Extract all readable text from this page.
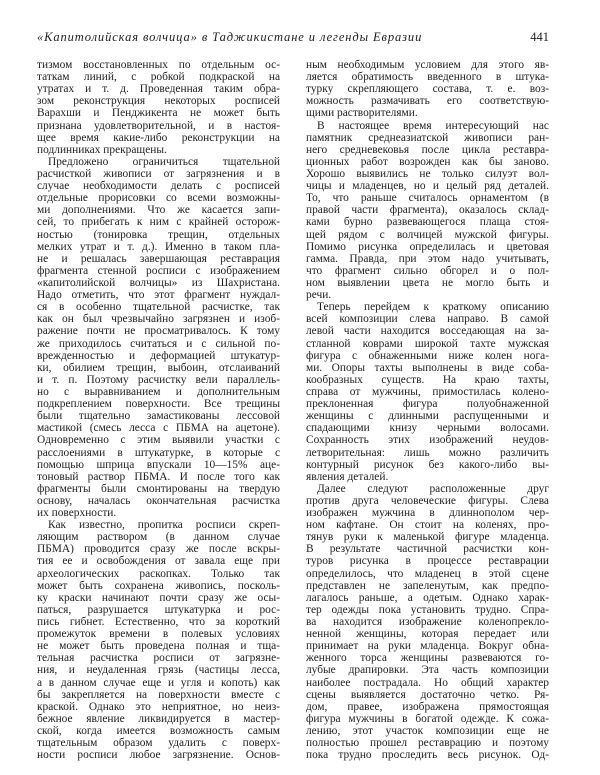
«Капитолийская волчица» в Таджикистане и легенды Евразии	441
тизмом восстановленных по отдельным ос-
таткам линий, с робкой подкраской на
утратах и т. д. Проведенная таким обра-
зом реконструкция некоторых росписей
Варахши и Пенджикента не может быть
признана удовлетворительной, и в настоя-
щее время какие-либо реконструкции на
подлинниках прекращены.
Предложено ограничиться тщательной
расчисткой живописи от загрязнения и в
случае необходимости делать с росписей
отдельные прорисовки со всеми возможны-
ми дополнениями. Что же касается запи-
сей, то прибегать к ним с крайней осторож-
ностью (тонировка трещин, отдельных
мелких утрат и т. д.). Именно в таком пла-
не и решалась завершающая реставрация
фрагмента стенной росписи с изображением
«капитолийской волчицы» из Шахристана.
Надо отметить, что этот фрагмент нуждал-
ся в особенно тщательной расчистке, так
как он был чрезвычайно загрязнен и изоб-
ражение почти не просматривалось. К тому
же приходилось считаться и с сильной по-
врежденностью и деформацией штукатур-
ки, обилием трещин, выбоин, отслаиваний
и т. п. Поэтому расчистку вели параллель-
но с выравниванием и дополнительным
подкреплением поверхности. Все трещины
были тщательно замастикованы лессовой
мастикой (смесь лесса с ПБМА на ацетоне).
Одновременно с этим выявили участки с
расслоениями в штукатурке, в которые с
помощью шприца впускали 10—15% аце-
тоновый раствор ПБМА. И после того как
фрагменты были смонтированы на твердую
основу, началась окончательная расчистка
их поверхности.
Как известно, пропитка росписи скреп-
ляющим раствором (в данном случае
ПБМА) проводится сразу же после вскры-
тия ее и освобождения от завала еще при
археологических раскопках. Только так
может быть сохранена живопись, посколь-
ку краски начинают почти сразу же осы-
паться, разрушается штукатурка и рос-
пись гибнет. Естественно, что за короткий
промежуток времени в полевых условиях
не может быть проведена полная и тща-
тельная расчистка росписи от загрязне-
ния, и неудаленная грязь (частицы лесса,
а в данном случае еще и угля и копоть) как
бы закрепляется на поверхности вместе с
краской. Однако это неприятное, но неиз-
бежное явление ликвидируется в мастер-
ской, когда имеется возможность самым
тщательным образом удалить с поверх-
ности росписи любое загрязнение. Основ-
ным необходимым условием для этого яв-
ляется обратимость введенного в штука-
турку скрепляющего состава, т. е. воз-
можность размачивать его соответствую-
щими растворителями.
В настоящее время интересующий нас
памятник среднеазиатской живописи ран-
него средневековья после цикла реставра-
ционных работ возрожден как бы заново.
Хорошо выявились не только силуэт вол-
чицы и младенцев, но и целый ряд деталей.
То, что раньше считалось орнаментом (в
правой части фрагмента), оказалось склад-
ками бурно развевающегося плаща стоя-
щей рядом с волчицей мужской фигуры.
Помимо рисунка определилась и цветовая
гамма. Правда, при этом надо учитывать,
что фрагмент сильно обгорел и о пол-
ном выявлении цвета не могло быть и
речи.
Теперь перейдем к краткому описанию
всей композиции слева направо. В самой
левой части находится восседающая на за-
стланной коврами широкой тахте мужская
фигура с обнаженными ниже колен нога-
ми. Опоры тахты выполнены в виде соба-
кообразных существ. На краю тахты,
справа от мужчины, примостилась колено-
преклоненная фигура полуобнаженной
женщины с длинными распущенными и
спадающими книзу черными волосами.
Сохранность этих изображений неудов-
летворительная: лишь можно различить
контурный рисунок без какого-либо вы-
явления деталей.
Далее следуют расположенные друг
против друга человеческие фигуры. Слева
изображен мужчина в длиннополом чер-
ном кафтане. Он стоит на коленях, про-
тянув руки к маленькой фигуре младенца.
В результате частичной расчистки кон-
туров рисунка в процессе реставрации
определилось, что младенец в этой сцене
представлен не запеленутым, как предпо-
лагалось раньше, а одетым. Однако харак-
тер одежды пока установить трудно. Спра-
ва находится изображение коленопрекло-
ненной женщины, которая передает или
принимает на руки младенца. Вокруг обна-
женного торса женщины развеваются го-
лубые драпировки. Эта часть композиции
наиболее пострадала. Но общий характер
сцены выявляется достаточно четко. Ря-
дом, правее, изображена прямостоящая
фигура мужчины в богатой одежде. К сожа-
лению, этот участок композиции еще не
полностью прошел реставрацию и поэтому
пока трудно проследить весь рисунок. Од-
